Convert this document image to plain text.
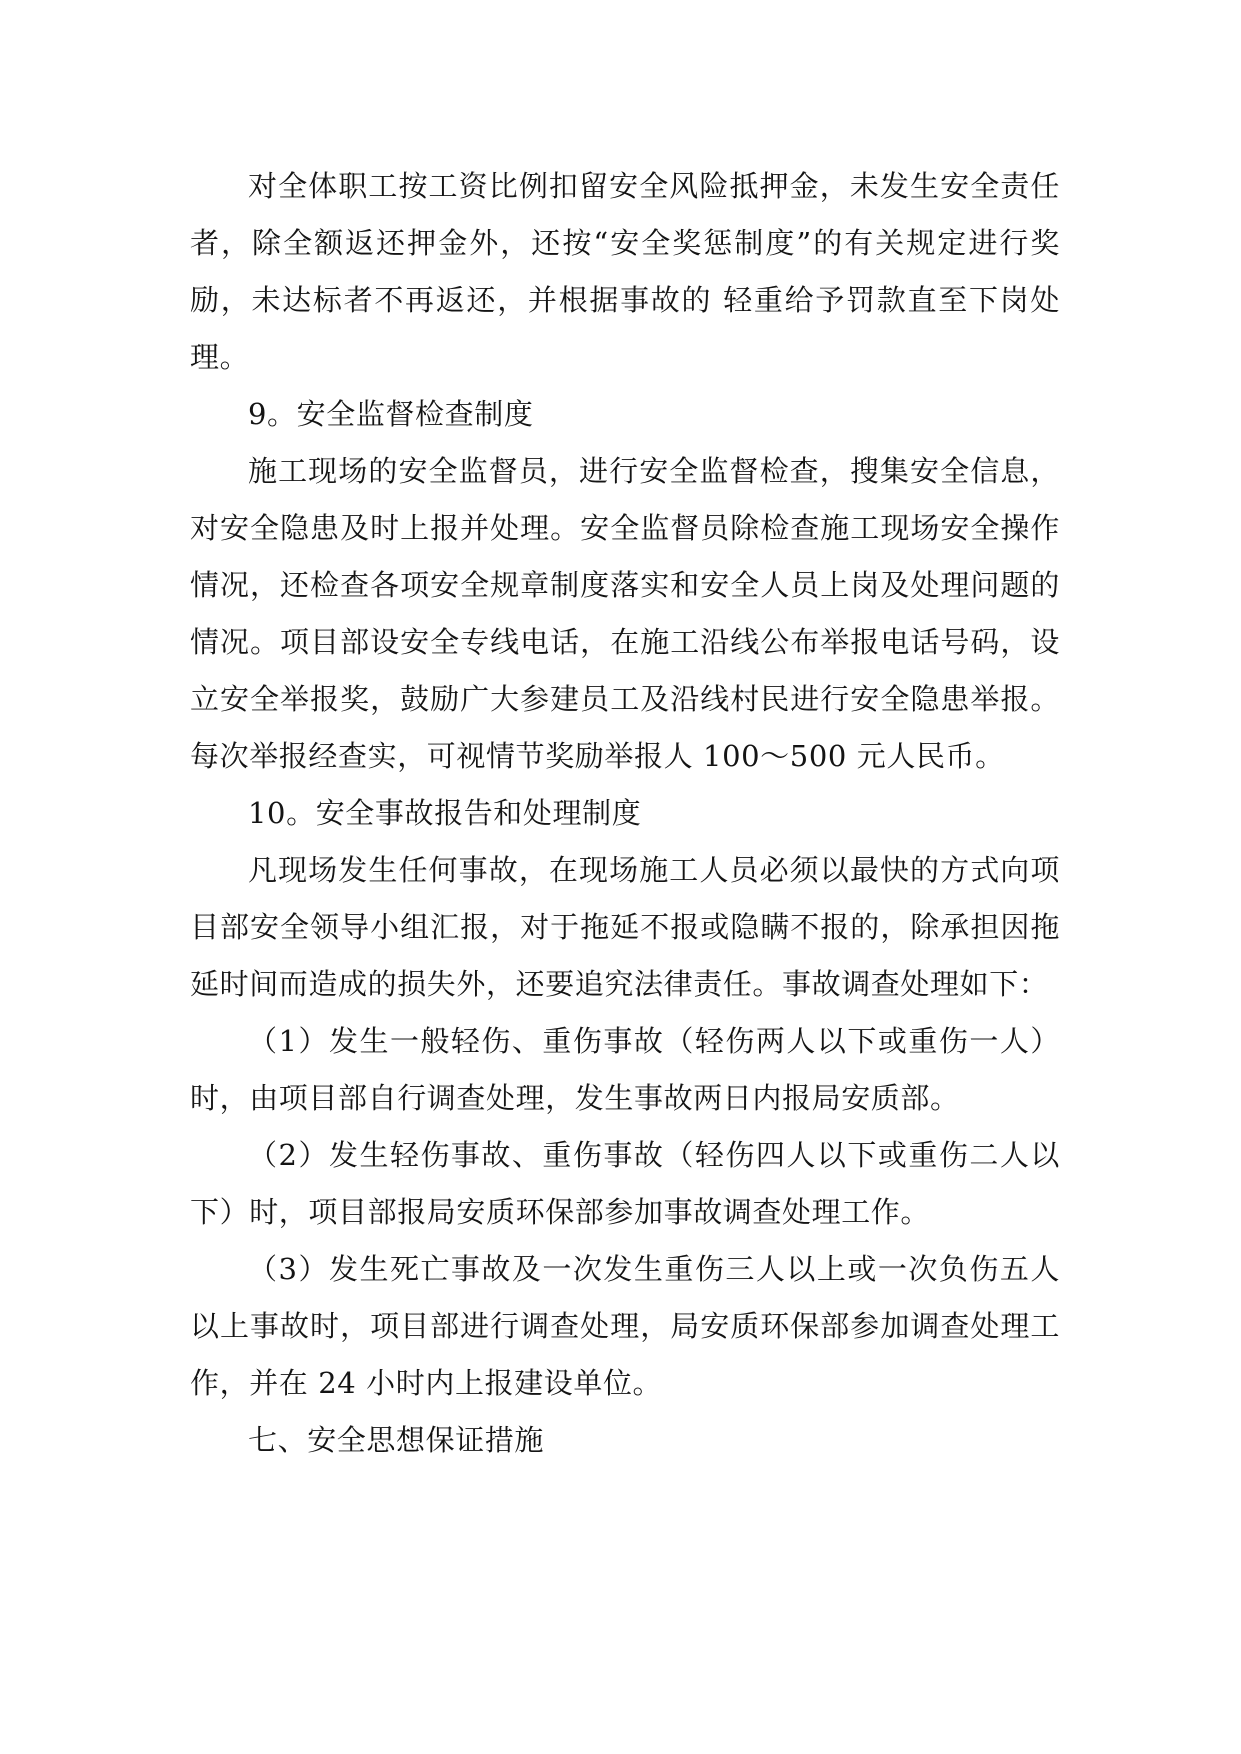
对全体职工按工资比例扣留安全风险抵押金，未发生安全责任者，除全额返还押金外，还按“安全奖惩制度”的有关规定进行奖励，未达标者不再返还，并根据事故的 轻重给予罚款直至下岗处理。

9。安全监督检查制度

施工现场的安全监督员，进行安全监督检查，搜集安全信息，对安全隐患及时上报并处理。安全监督员除检查施工现场安全操作情况，还检查各项安全规章制度落实和安全人员上岗及处理问题的情况。项目部设安全专线电话，在施工沿线公布举报电话号码，设立安全举报奖，鼓励广大参建员工及沿线村民进行安全隐患举报。每次举报经查实，可视情节奖励举报人 100～500 元人民币。

10。安全事故报告和处理制度

凡现场发生任何事故，在现场施工人员必须以最快的方式向项目部安全领导小组汇报，对于拖延不报或隐瞒不报的，除承担因拖延时间而造成的损失外，还要追究法律责任。事故调查处理如下：

（1）发生一般轻伤、重伤事故（轻伤两人以下或重伤一人）时，由项目部自行调查处理，发生事故两日内报局安质部。

（2）发生轻伤事故、重伤事故（轻伤四人以下或重伤二人以下）时，项目部报局安质环保部参加事故调查处理工作。

（3）发生死亡事故及一次发生重伤三人以上或一次负伤五人以上事故时，项目部进行调查处理，局安质环保部参加调查处理工作，并在 24 小时内上报建设单位。

七、安全思想保证措施
